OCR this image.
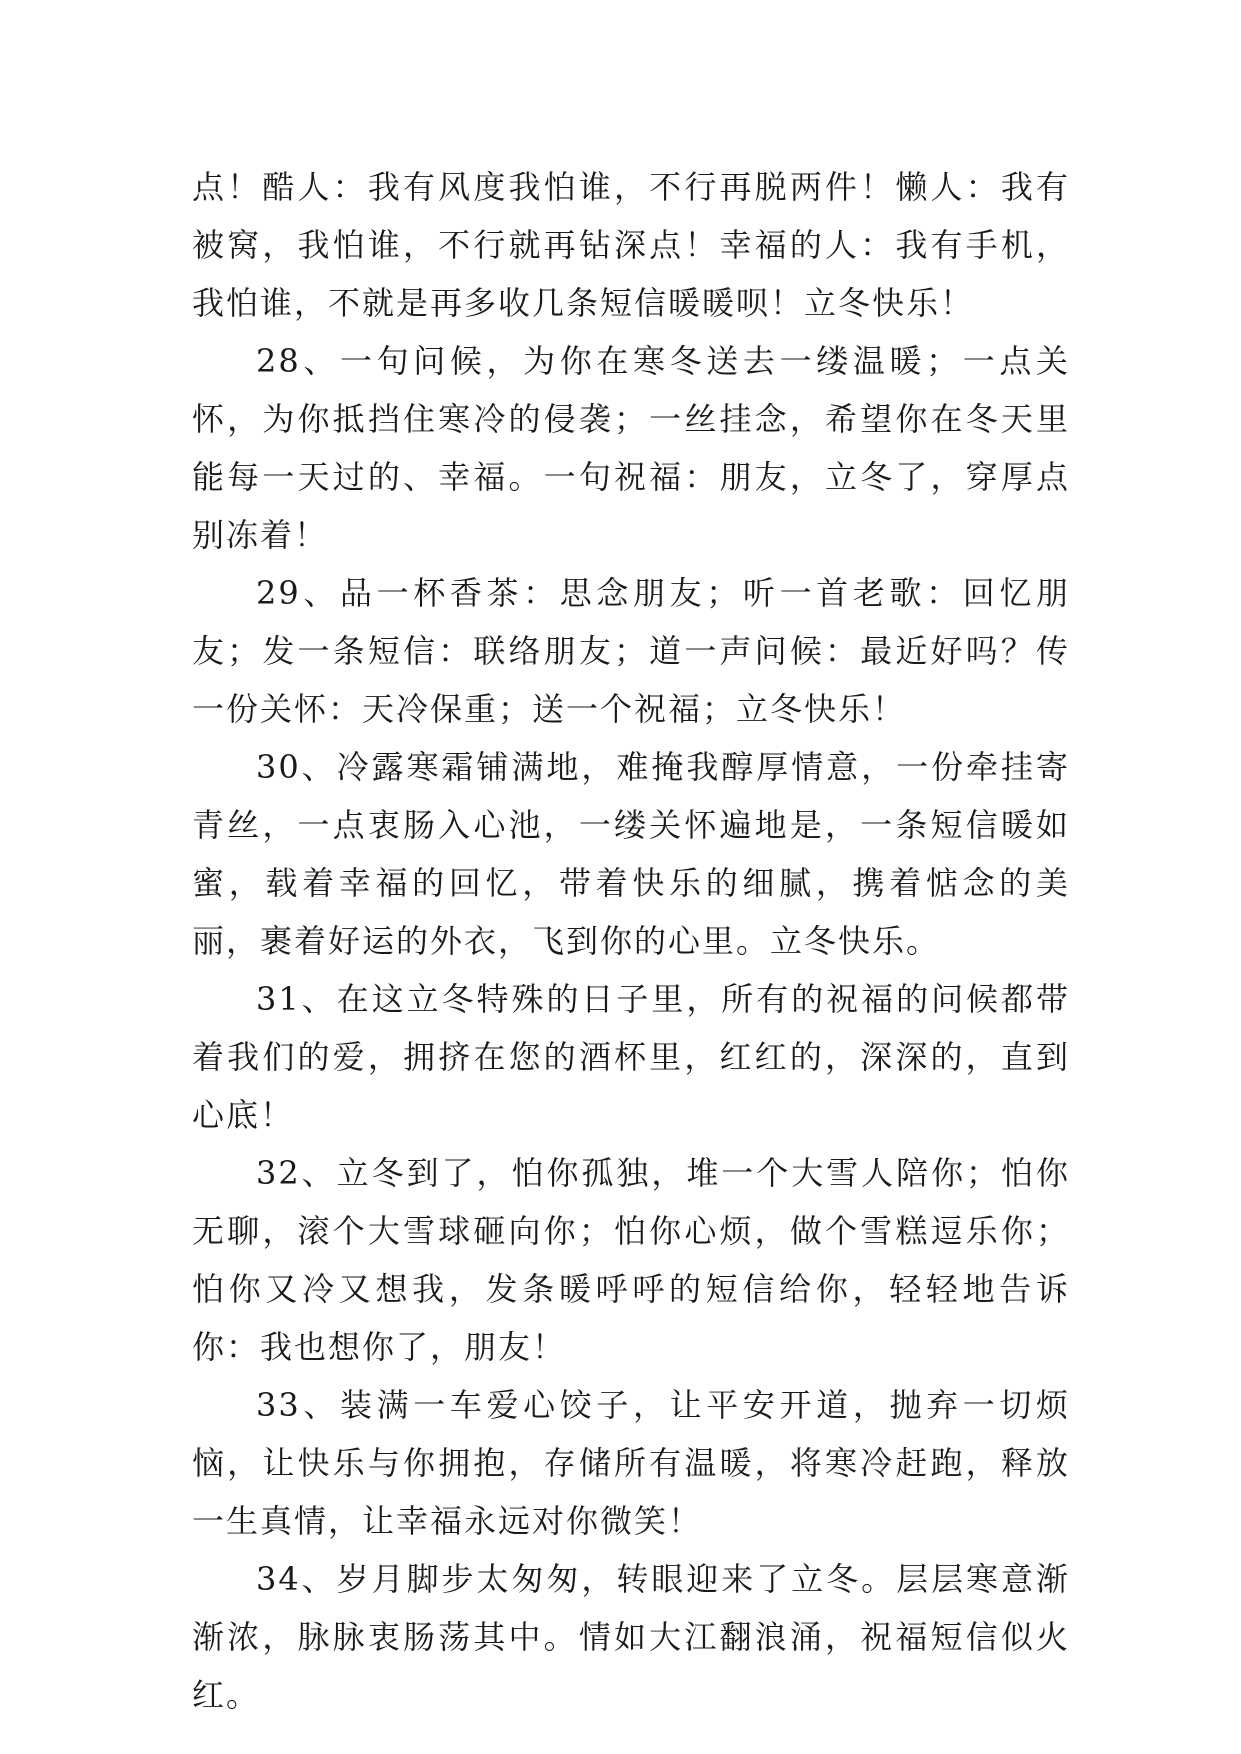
点！酷人：我有风度我怕谁，不行再脱两件！懒人：我有被窝，我怕谁，不行就再钻深点！幸福的人：我有手机，我怕谁，不就是再多收几条短信暖暖呗！立冬快乐！

28、一句问候，为你在寒冬送去一缕温暖；一点关怀，为你抵挡住寒冷的侵袭；一丝挂念，希望你在冬天里能每一天过的、幸福。一句祝福：朋友，立冬了，穿厚点别冻着！

29、品一杯香茶：思念朋友；听一首老歌：回忆朋友；发一条短信：联络朋友；道一声问候：最近好吗？传一份关怀：天冷保重；送一个祝福；立冬快乐！

30、冷露寒霜铺满地，难掩我醇厚情意，一份牵挂寄青丝，一点衷肠入心池，一缕关怀遍地是，一条短信暖如蜜，载着幸福的回忆，带着快乐的细腻，携着惦念的美丽，裹着好运的外衣，飞到你的心里。立冬快乐。

31、在这立冬特殊的日子里，所有的祝福的问候都带着我们的爱，拥挤在您的酒杯里，红红的，深深的，直到心底！

32、立冬到了，怕你孤独，堆一个大雪人陪你；怕你无聊，滚个大雪球砸向你；怕你心烦，做个雪糕逗乐你；怕你又冷又想我，发条暖呼呼的短信给你，轻轻地告诉你：我也想你了，朋友！

33、装满一车爱心饺子，让平安开道，抛弃一切烦恼，让快乐与你拥抱，存储所有温暖，将寒冷赶跑，释放一生真情，让幸福永远对你微笑！

34、岁月脚步太匆匆，转眼迎来了立冬。层层寒意渐渐浓，脉脉衷肠荡其中。情如大江翻浪涌，祝福短信似火红。
